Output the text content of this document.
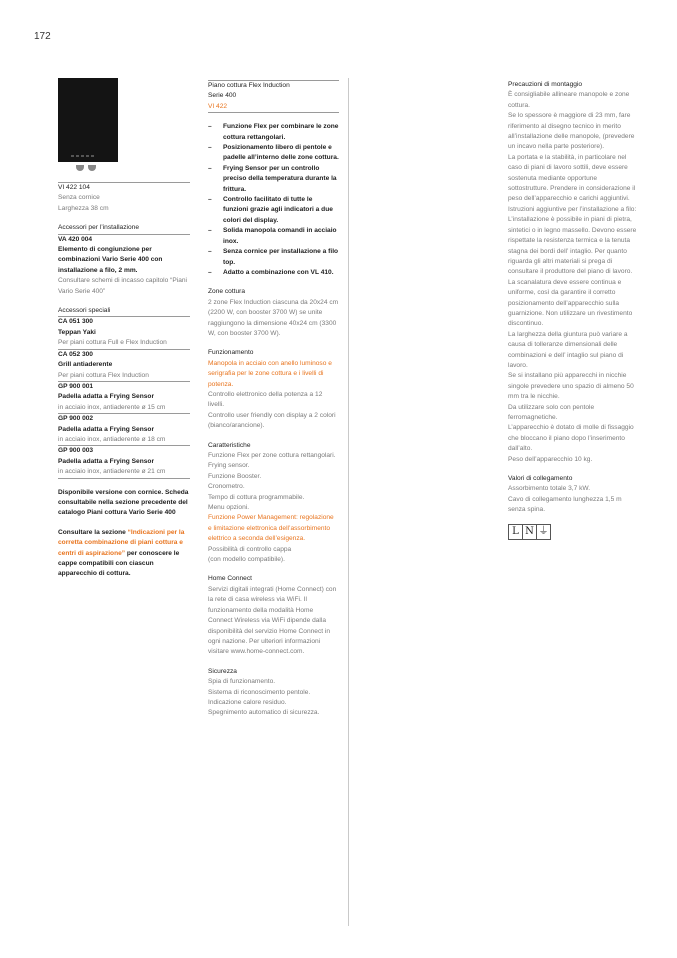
172
VI 422 104
Senza cornice
Larghezza 38 cm
Accessori per l’installazione
VA 420 004
Elemento di congiunzione per combinazioni Vario Serie 400 con installazione a filo, 2 mm.
Consultare schemi di incasso capitolo “Piani Vario Serie 400”
Accessori speciali
CA 051 300
Teppan Yaki
Per piani cottura Full e Flex Induction
CA 052 300
Grill antiaderente
Per piani cottura Flex Induction
GP 900 001
Padella adatta a Frying Sensor
in acciaio inox, antiaderente ø 15 cm
GP 900 002
Padella adatta a Frying Sensor
in acciaio inox, antiaderente ø 18 cm
GP 900 003
Padella adatta a Frying Sensor
in acciaio inox, antiaderente ø 21 cm
Disponibile versione con cornice. Scheda consultabile nella sezione precedente del catalogo Piani cottura Vario Serie 400
Consultare la sezione “Indicazioni per la corretta combinazione di piani cottura e centri di aspirazione” per conoscere le cappe compatibili con ciascun apparecchio di cottura.
Piano cottura Flex Induction
Serie 400
VI 422
– Funzione Flex per combinare le zone cottura rettangolari.
– Posizionamento libero di pentole e padelle all’interno delle zone cottura.
– Frying Sensor per un controllo preciso della temperatura durante la frittura.
– Controllo facilitato di tutte le funzioni grazie agli indicatori a due colori del display.
– Solida manopola comandi in acciaio inox.
– Senza cornice per installazione a filo top.
– Adatto a combinazione con VL 410.
Zone cottura
2 zone Flex Induction ciascuna da 20x24 cm (2200 W, con booster 3700 W) se unite raggiungono la dimensione 40x24 cm (3300 W, con booster 3700 W).
Funzionamento
Manopola in acciaio con anello luminoso e serigrafia per le zone cottura e i livelli di potenza.
Controllo elettronico della potenza a 12 livelli.
Controllo user friendly con display a 2 colori (bianco/arancione).
Caratteristiche
Funzione Flex per zone cottura rettangolari.
Frying sensor.
Funzione Booster.
Cronometro.
Tempo di cottura programmabile.
Menu opzioni.
Funzione Power Management: regolazione e limitazione elettronica dell’assorbimento elettrico a seconda dell’esigenza.
Possibilità di controllo cappa
(con modello compatibile).
Home Connect
Servizi digitali integrati (Home Connect) con la rete di casa wireless via WiFi. Il funzionamento della modalità Home Connect Wireless via WiFi dipende dalla disponibilità del servizio Home Connect in ogni nazione. Per ulteriori informazioni visitare www.home-connect.com.
Sicurezza
Spia di funzionamento.
Sistema di riconoscimento pentole.
Indicazione calore residuo.
Spegnimento automatico di sicurezza.
Precauzioni di montaggio

È consigliabile allineare manopole e zone cottura.

Se lo spessore è maggiore di 23 mm, fare riferimento al disegno tecnico in merito all’installazione delle manopole, (prevedere un incavo nella parte posteriore).

La portata e la stabilità, in particolare nel caso di piani di lavoro sottili, deve essere sostenuta mediante opportune sottostrutture. Prendere in considerazione il peso dell’apparecchio e carichi aggiuntivi.

Istruzioni aggiuntive per l’installazione a filo:

L’installazione è possibile in piani di pietra, sintetici o in legno massello. Devono essere rispettate la resistenza termica e la tenuta stagna dei bordi dell’ intaglio. Per quanto riguarda gli altri materiali si prega di consultare il produttore del piano di lavoro.

La scanalatura deve essere continua e uniforme, così da garantire il corretto posizionamento dell’apparecchio sulla guarnizione. Non utilizzare un rivestimento discontinuo.

La larghezza della giuntura può variare a causa di tolleranze dimensionali delle combinazioni e dell’ intaglio sul piano di lavoro.

Se si installano più apparecchi in nicchie singole prevedere uno spazio di almeno 50 mm tra le nicchie.

Da utilizzare solo con pentole ferromagnetiche.

L’apparecchio è dotato di molle di fissaggio che bloccano il piano dopo l’inserimento dall’alto.

Peso dell’apparecchio 10 kg.

Valori di collegamento
Assorbimento totale 3,7 kW.
Cavo di collegamento lunghezza 1,5 m senza spina.
L N ⏚
